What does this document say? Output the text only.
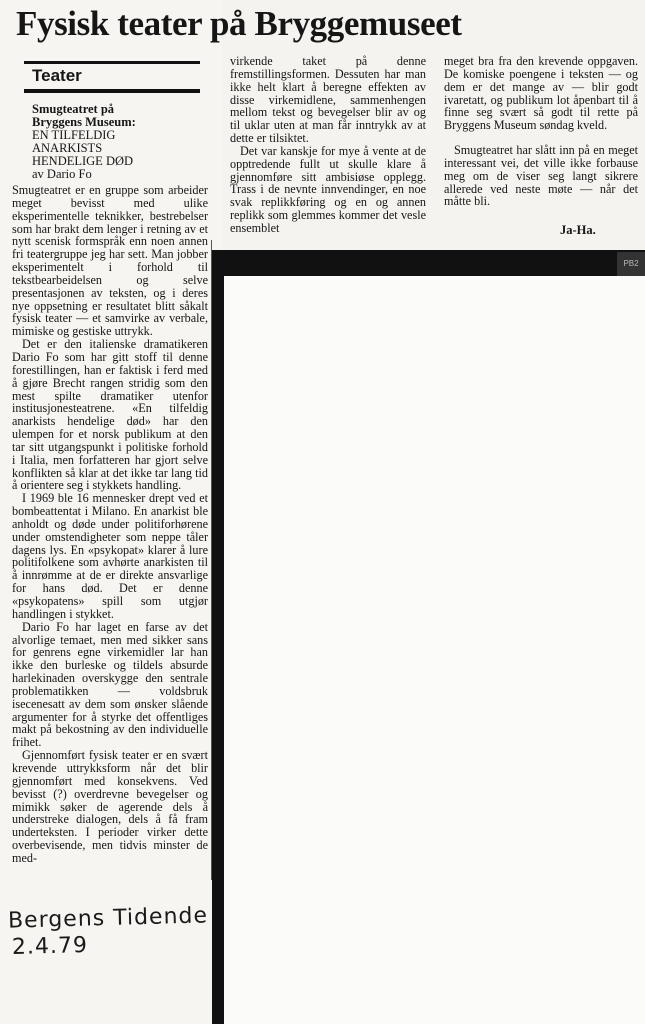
Fysisk teater på Bryggemuseet
Teater
Smugteatret på
Bryggens Museum:
EN TILFELDIG
ANARKISTS
HENDELIGE DØD
av Dario Fo

Smugteatret er en gruppe som arbeider meget bevisst med ulike eksperimentelle teknikker, bestrebelser som har brakt dem lenger i retning av et nytt scenisk formspråk enn noen annen fri teatergruppe jeg har sett. Man jobber eksperimentelt i forhold til tekstbearbeidelsen og selve presentasjonen av teksten, og i deres nye oppsetning er resultatet blitt såkalt fysisk teater — et samvirke av verbale, mimiske og gestiske uttrykk.

Det er den italienske dramatikeren Dario Fo som har gitt stoff til denne forestillingen, han er faktisk i ferd med å gjøre Brecht rangen stridig som den mest spilte dramatiker utenfor institusjonesteatrene. «En tilfeldig anarkists hendelige død» har den ulempen for et norsk publikum at den tar sitt utgangspunkt i politiske forhold i Italia, men forfatteren har gjort selve konflikten så klar at det ikke tar lang tid å orientere seg i stykkets handling.

I 1969 ble 16 mennesker drept ved et bombeattentat i Milano. En anarkist ble anholdt og døde under politiforhørene under omstendigheter som neppe tåler dagens lys. En «psykopat» klarer å lure politifolkene som avhørte anarkisten til å innrømme at de er direkte ansvarlige for hans død. Det er denne «psykopatens» spill som utgjør handlingen i stykket.

Dario Fo har laget en farse av det alvorlige temaet, men med sikker sans for genrens egne virkemidler lar han ikke den burleske og tildels absurde harlekinaden overskygge den sentrale problematikken — voldsbruk isecenesatt av dem som ønsker slående argumenter for å styrke det offentliges makt på bekostning av den individuelle frihet.

Gjennomført fysisk teater er en svært krevende uttrykksform når det blir gjennomført med konsekvens. Ved bevisst (?) overdrevne bevegelser og mimikk søker de agerende dels å understreke dialogen, dels å få fram underteksten. I perioder virker dette overbevisende, men tidvis minster de med-

virkende taket på denne fremstillingsformen. Dessuten har man ikke helt klart å beregne effekten av disse virkemidlene, sammenhengen mellom tekst og bevegelser blir av og til uklar uten at man får inntrykk av at dette er tilsiktet.

Det var kanskje for mye å vente at de opptredende fullt ut skulle klare å gjennomføre sitt ambisiøse opplegg. Trass i de nevnte innvendinger, en noe svak replikkføring og en og annen replikk som glemmes kommer det vesle ensemblet

meget bra fra den krevende oppgaven. De komiske poengene i teksten — og dem er det mange av — blir godt ivaretatt, og publikum lot åpenbart til å finne seg svært så godt til rette på Bryggens Museum søndag kveld.

Smugteatret har slått inn på en meget interessant vei, det ville ikke forbause meg om de viser seg langt sikrere allerede ved neste møte — når det måtte bli.

Ja-Ha.
PB2
Bergens Tidende
2.4.79
